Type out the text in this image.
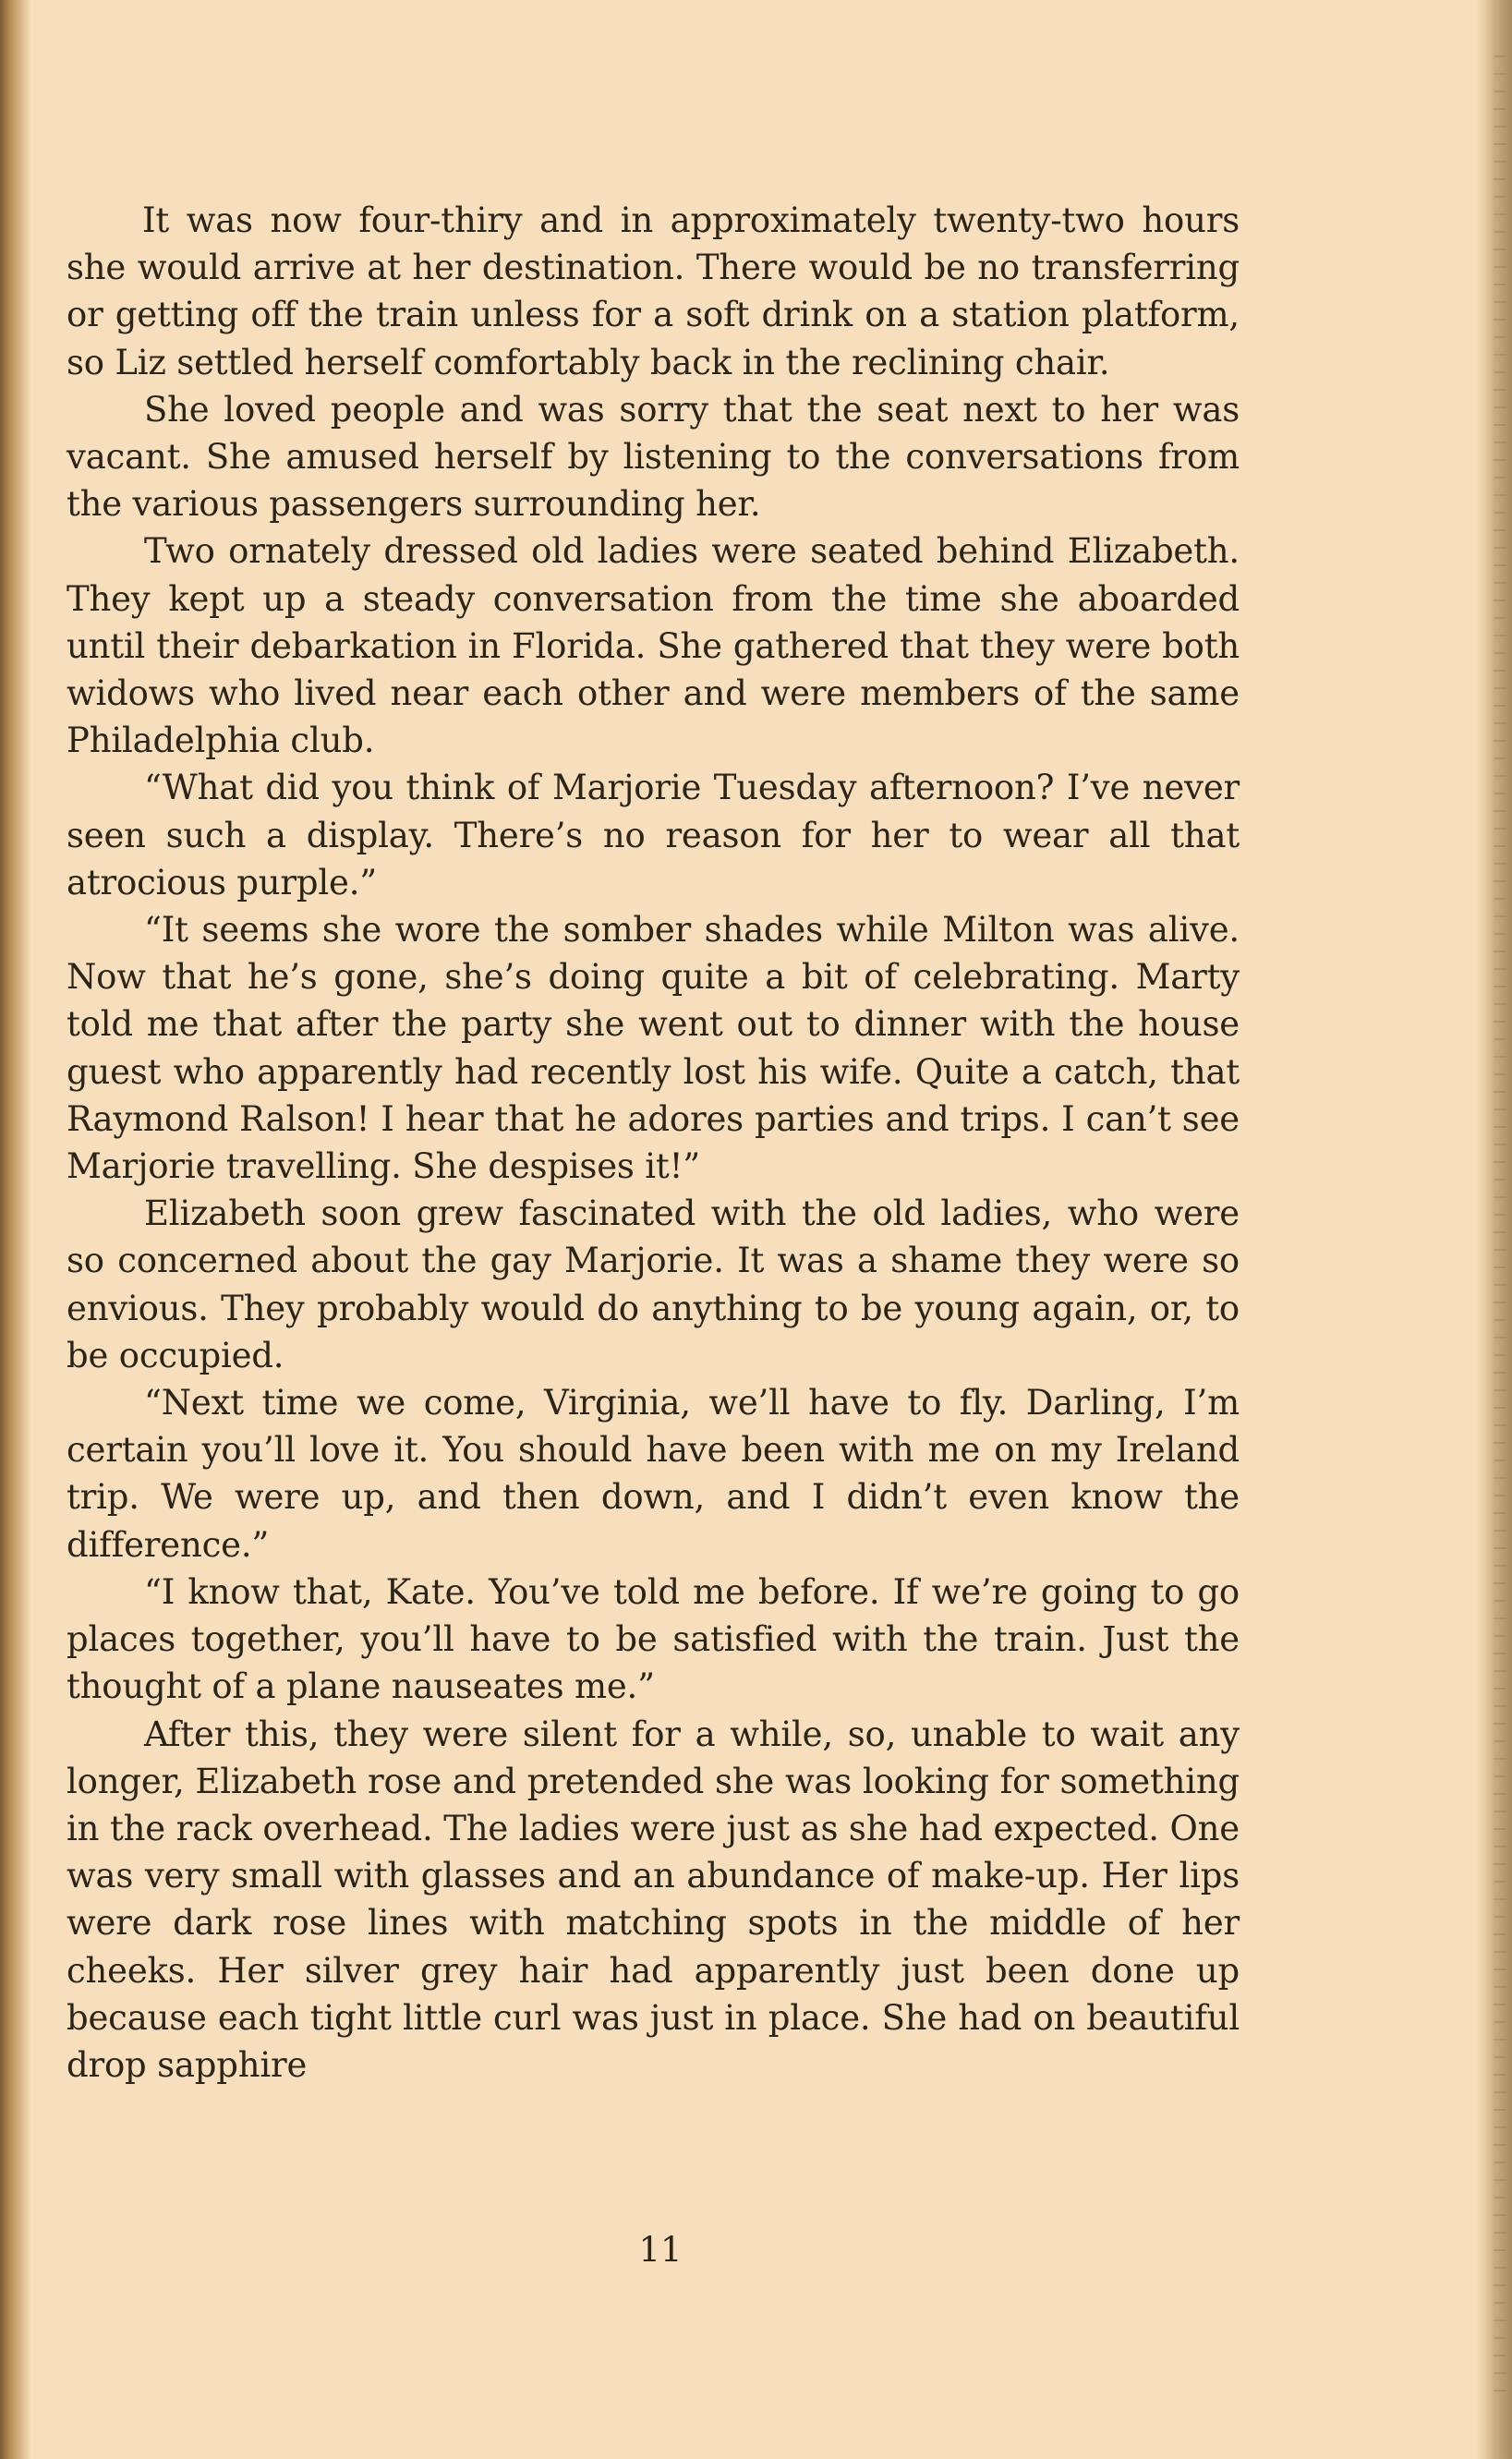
It was now four-thiry and in approximately twenty-two hours she would arrive at her destination. There would be no transferring or getting off the train unless for a soft drink on a station platform, so Liz settled herself comfortably back in the reclining chair.

She loved people and was sorry that the seat next to her was vacant. She amused herself by listening to the conversations from the various passengers surrounding her.

Two ornately dressed old ladies were seated behind Elizabeth. They kept up a steady conversation from the time she aboarded until their debarkation in Florida. She gathered that they were both widows who lived near each other and were members of the same Philadelphia club.

“What did you think of Marjorie Tuesday afternoon? I’ve never seen such a display. There’s no reason for her to wear all that atrocious purple.”

“It seems she wore the somber shades while Milton was alive. Now that he’s gone, she’s doing quite a bit of celebrating. Marty told me that after the party she went out to dinner with the house guest who apparently had recently lost his wife. Quite a catch, that Raymond Ralson! I hear that he adores parties and trips. I can’t see Marjorie travelling. She despises it!”

Elizabeth soon grew fascinated with the old ladies, who were so concerned about the gay Marjorie. It was a shame they were so envious. They probably would do anything to be young again, or, to be occupied.

“Next time we come, Virginia, we’ll have to fly. Darling, I’m certain you’ll love it. You should have been with me on my Ireland trip. We were up, and then down, and I didn’t even know the difference.”

“I know that, Kate. You’ve told me before. If we’re going to go places together, you’ll have to be satisfied with the train. Just the thought of a plane nauseates me.”

After this, they were silent for a while, so, unable to wait any longer, Elizabeth rose and pretended she was looking for something in the rack overhead. The ladies were just as she had expected. One was very small with glasses and an abundance of make-up. Her lips were dark rose lines with matching spots in the middle of her cheeks. Her silver grey hair had apparently just been done up because each tight little curl was just in place. She had on beautiful drop sapphire

11
